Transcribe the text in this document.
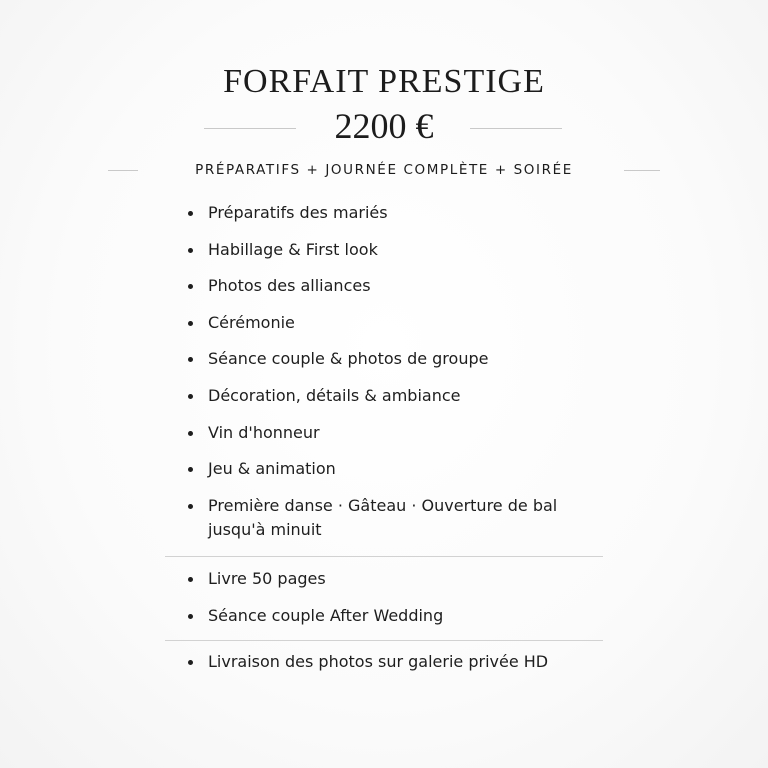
FORFAIT PRESTIGE
2200 €
PRÉPARATIFS + JOURNÉE COMPLÈTE + SOIRÉE
Préparatifs des mariés
Habillage & First look
Photos des alliances
Cérémonie
Séance couple & photos de groupe
Décoration, détails & ambiance
Vin d'honneur
Jeu & animation
Première danse · Gâteau · Ouverture de bal
jusqu'à minuit
Livre 50 pages
Séance couple After Wedding
Livraison des photos sur galerie privée HD
